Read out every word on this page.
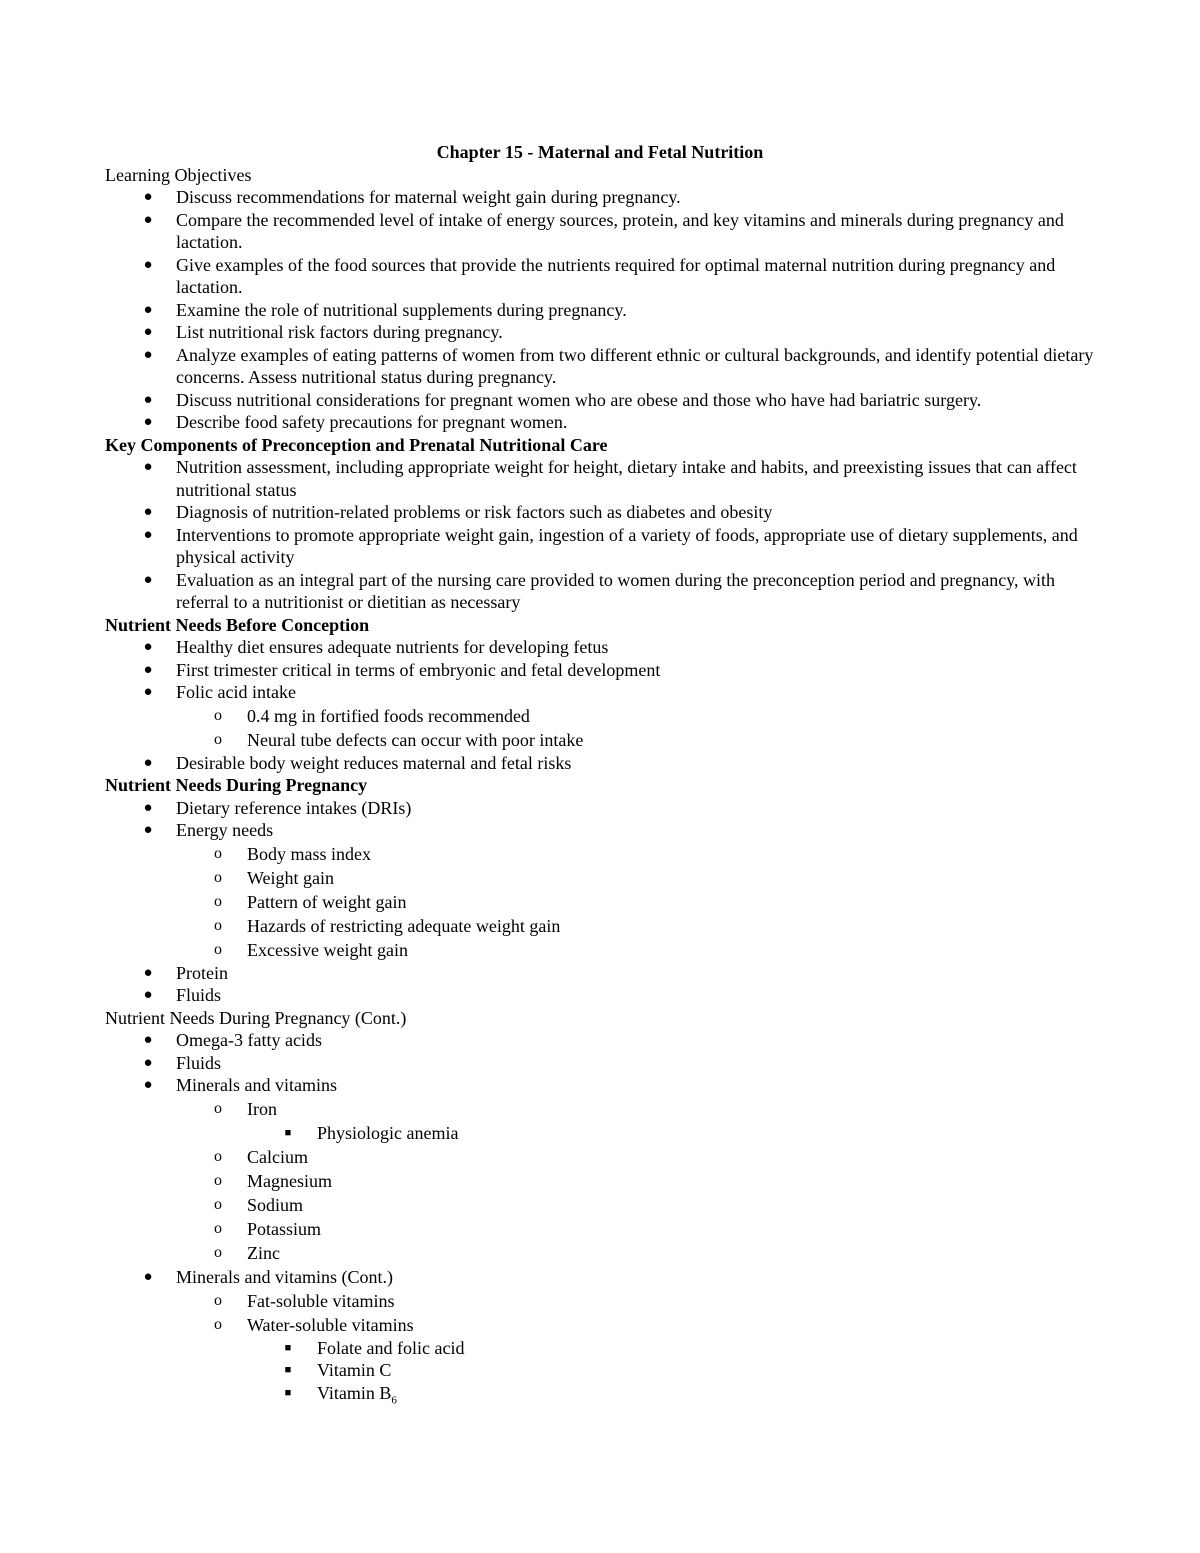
Chapter 15 - Maternal and Fetal Nutrition

Learning Objectives

●	Discuss recommendations for maternal weight gain during pregnancy.
●	Compare the recommended level of intake of energy sources, protein, and key vitamins and minerals during pregnancy and lactation.
●	Give examples of the food sources that provide the nutrients required for optimal maternal nutrition during pregnancy and lactation.
●	Examine the role of nutritional supplements during pregnancy.
●	List nutritional risk factors during pregnancy.
●	Analyze examples of eating patterns of women from two different ethnic or cultural backgrounds, and identify potential dietary concerns. Assess nutritional status during pregnancy.
●	Discuss nutritional considerations for pregnant women who are obese and those who have had bariatric surgery.
●	Describe food safety precautions for pregnant women.

Key Components of Preconception and Prenatal Nutritional Care

●	Nutrition assessment, including appropriate weight for height, dietary intake and habits, and preexisting issues that can affect nutritional status
●	Diagnosis of nutrition-related problems or risk factors such as diabetes and obesity
●	Interventions to promote appropriate weight gain, ingestion of a variety of foods, appropriate use of dietary supplements, and physical activity
●	Evaluation as an integral part of the nursing care provided to women during the preconception period and pregnancy, with referral to a nutritionist or dietitian as necessary

Nutrient Needs Before Conception

●	Healthy diet ensures adequate nutrients for developing fetus
●	First trimester critical in terms of embryonic and fetal development
●	Folic acid intake
o	0.4 mg in fortified foods recommended
o	Neural tube defects can occur with poor intake
●	Desirable body weight reduces maternal and fetal risks

Nutrient Needs During Pregnancy

●	Dietary reference intakes (DRIs)
●	Energy needs
o	Body mass index
o	Weight gain
o	Pattern of weight gain
o	Hazards of restricting adequate weight gain
o	Excessive weight gain
●	Protein
●	Fluids

Nutrient Needs During Pregnancy (Cont.)

●	Omega-3 fatty acids
●	Fluids
●	Minerals and vitamins
o	Iron
■	Physiologic anemia
o	Calcium
o	Magnesium
o	Sodium
o	Potassium
o	Zinc
●	Minerals and vitamins (Cont.)
o	Fat-soluble vitamins
o	Water-soluble vitamins
■	Folate and folic acid
■	Vitamin C
■	Vitamin $B_6$
